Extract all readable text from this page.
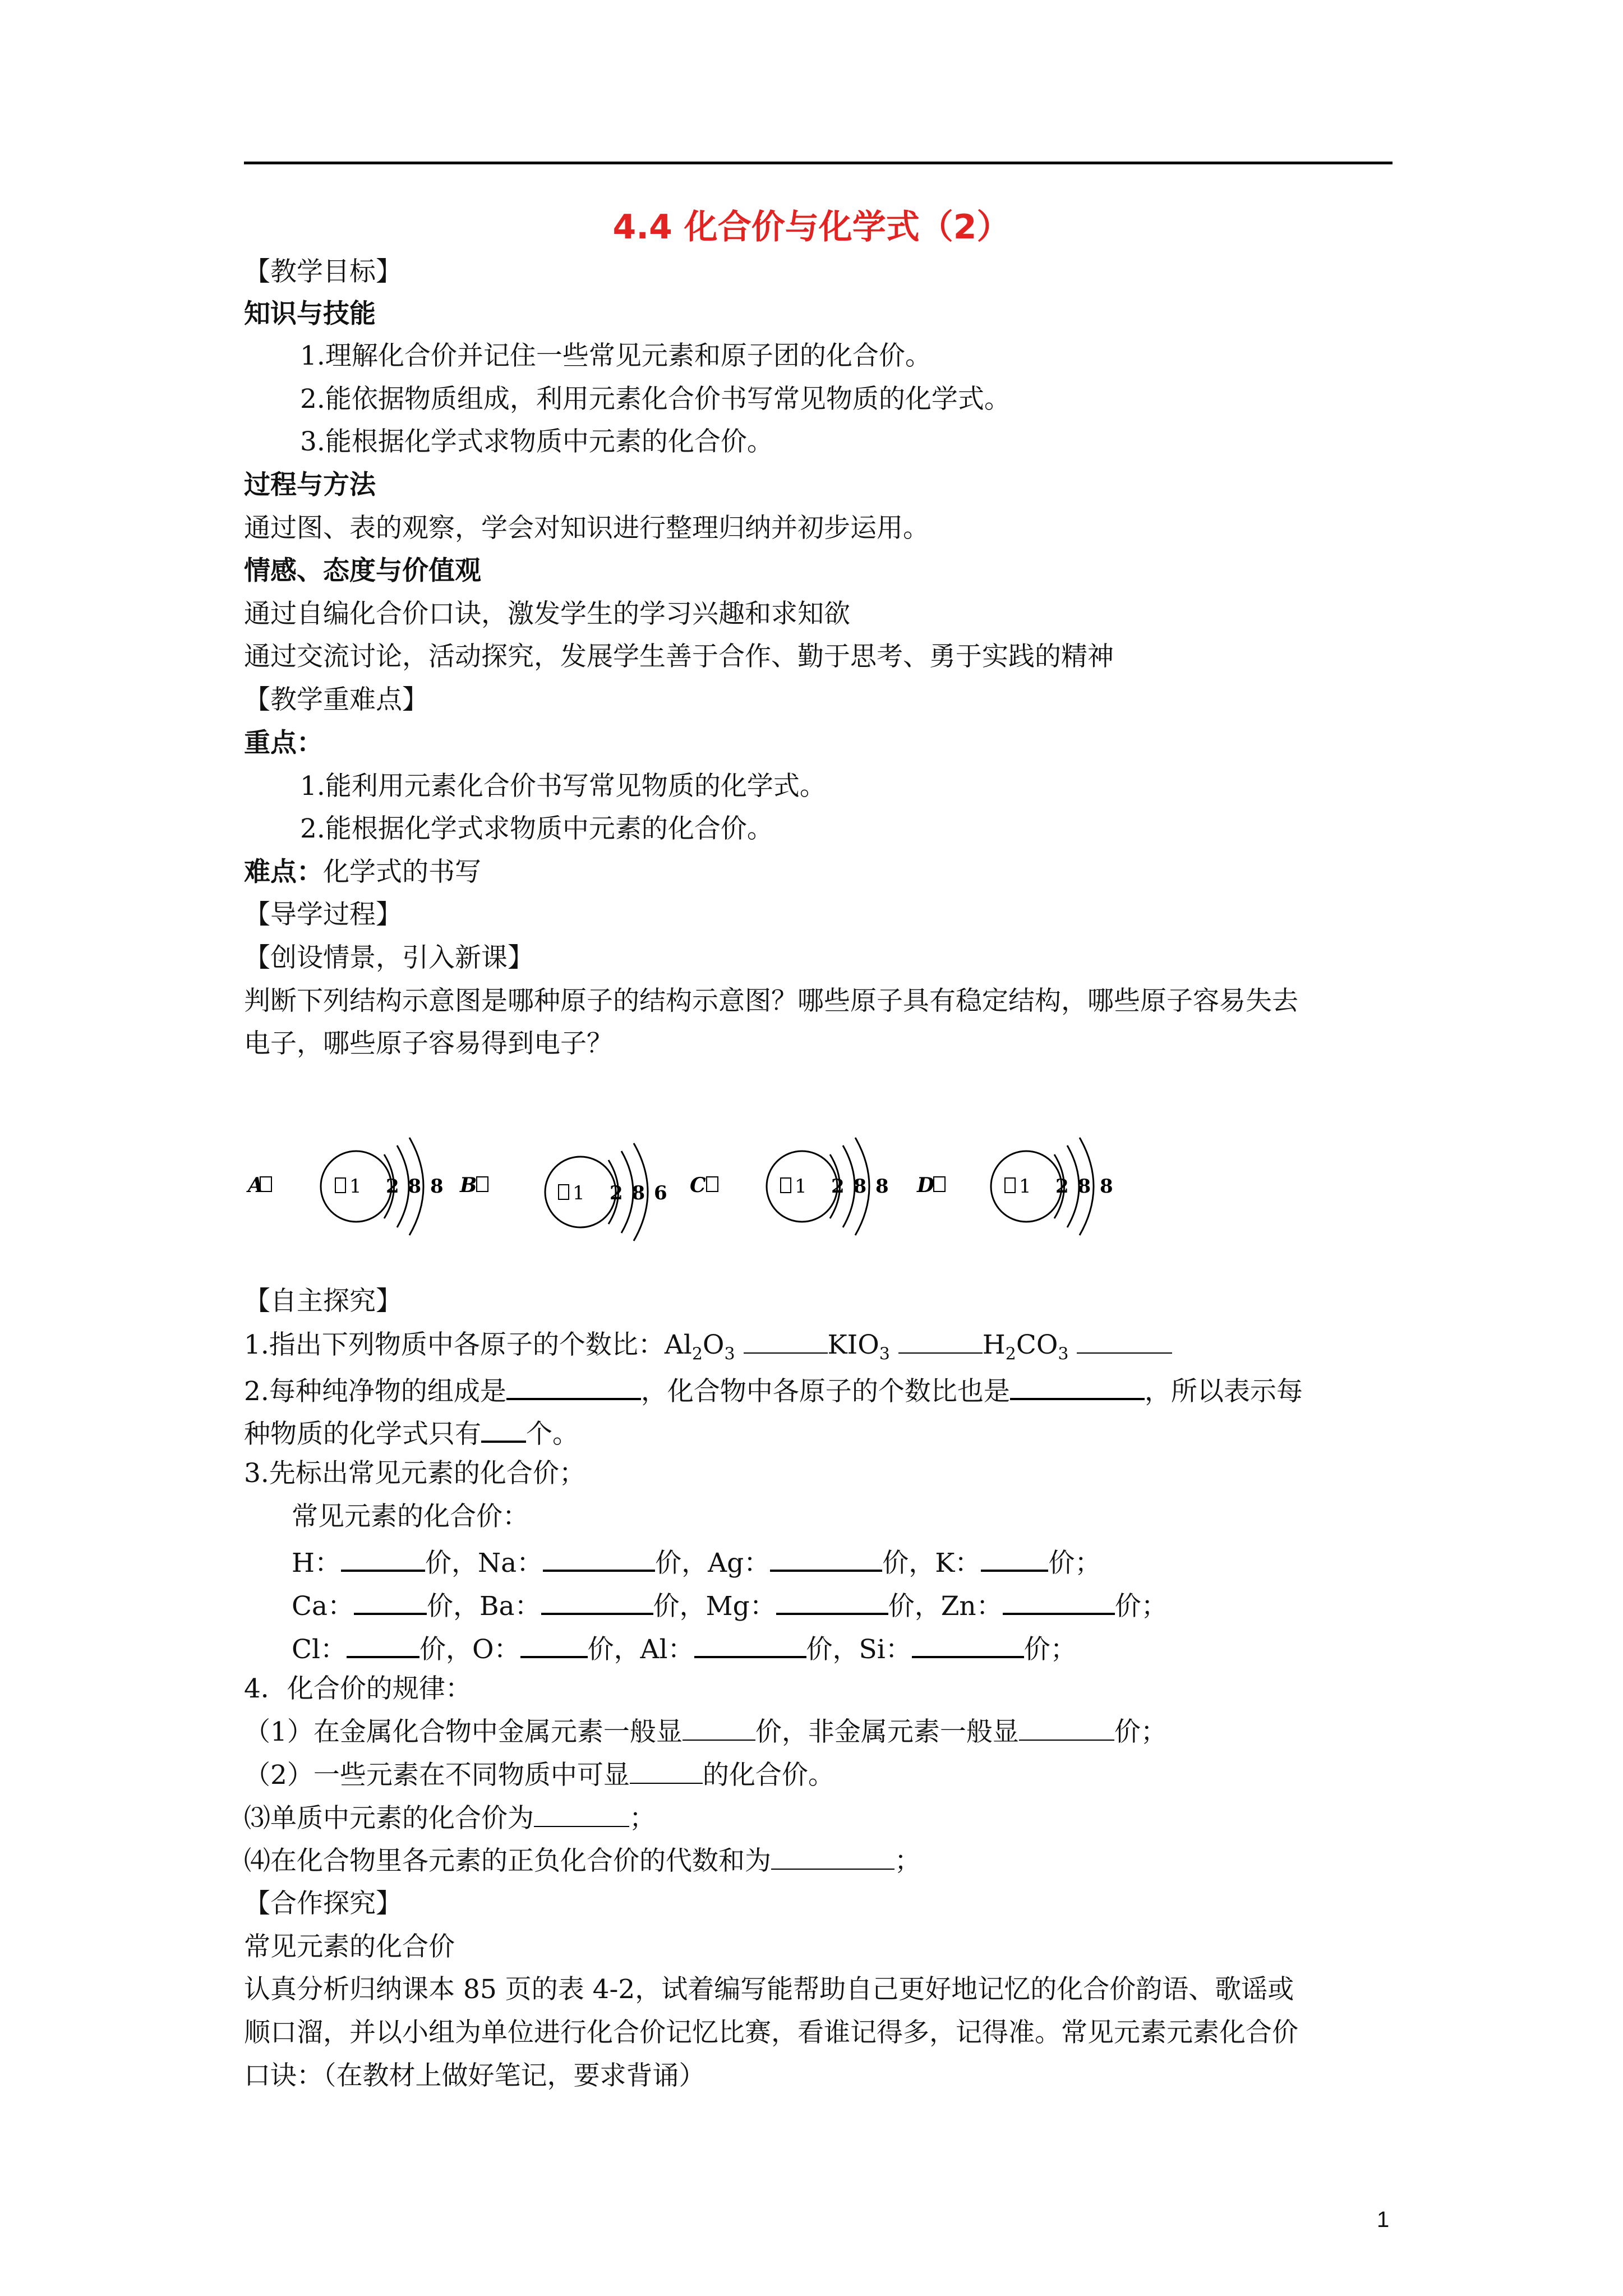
4.4 化合价与化学式（2）
【教学目标】
知识与技能
1.理解化合价并记住一些常见元素和原子团的化合价。
2.能依据物质组成，利用元素化合价书写常见物质的化学式。
3.能根据化学式求物质中元素的化合价。
过程与方法
通过图、表的观察，学会对知识进行整理归纳并初步运用。
情感、态度与价值观
通过自编化合价口诀，激发学生的学习兴趣和求知欲
通过交流讨论，活动探究，发展学生善于合作、勤于思考、勇于实践的精神
【教学重难点】
重点：
1.能利用元素化合价书写常见物质的化学式。
2.能根据化学式求物质中元素的化合价。
难点：化学式的书写
【导学过程】
【创设情景，引入新课】
判断下列结构示意图是哪种原子的结构示意图？哪些原子具有稳定结构，哪些原子容易失去
电子，哪些原子容易得到电子？
A	1 2 8 8 B	1 2 8 6 C	1 2 8 8 D	1 2 8 8
【自主探究】
1.指出下列物质中各原子的个数比：$Al_2O_3$	$KIO_3$	$H_2CO_3$
2.每种纯净物的组成是	，化合物中各原子的个数比也是	，所以表示每
种物质的化学式只有 个。
3.先标出常见元素的化合价；
常见元素的化合价：
H：	价，Na：	价，Ag：	价，K：	价；
Ca：	价，Ba：	价，Mg：	价，Zn：	价；
Cl：	价，O：	价，Al：	价，Si：	价；
4．化合价的规律：
（1）在金属化合物中金属元素一般显	价，非金属元素一般显	价；
（2）一些元素在不同物质中可显	的化合价。
⑶单质中元素的化合价为	；
⑷在化合物里各元素的正负化合价的代数和为	；
【合作探究】
常见元素的化合价
认真分析归纳课本 85 页的表 4-2，试着编写能帮助自己更好地记忆的化合价韵语、歌谣或
顺口溜，并以小组为单位进行化合价记忆比赛，看谁记得多，记得准。常见元素元素化合价
口诀：（在教材上做好笔记，要求背诵）
1
